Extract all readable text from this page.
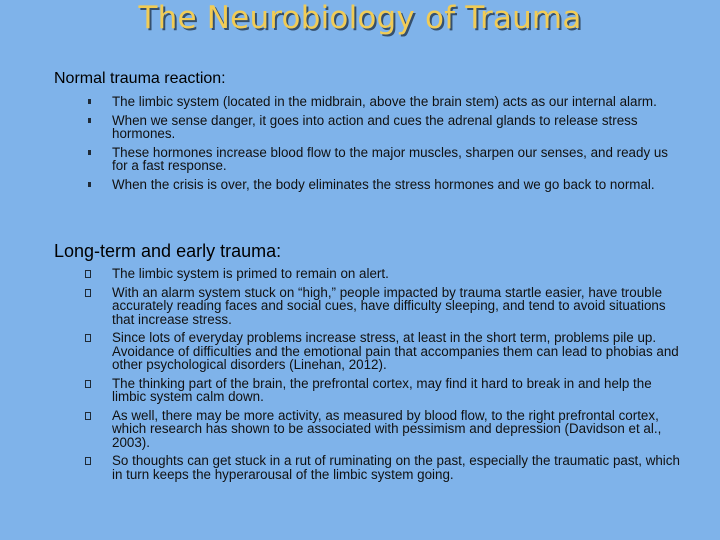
The Neurobiology of Trauma
Normal trauma reaction:
The limbic system (located in the midbrain, above the brain stem) acts as our internal alarm.
When we sense danger, it goes into action and cues the adrenal glands to release stress hormones.
These hormones increase blood flow to the major muscles, sharpen our senses, and ready us for a fast response.
When the crisis is over, the body eliminates the stress hormones and we go back to normal.
Long-term and early trauma:
The limbic system is primed to remain on alert.
With an alarm system stuck on “high,” people impacted by trauma startle easier, have trouble accurately reading faces and social cues, have difficulty sleeping, and tend to avoid situations that increase stress.
Since lots of everyday problems increase stress, at least in the short term, problems pile up. Avoidance of difficulties and the emotional pain that accompanies them can lead to phobias and other psychological disorders (Linehan, 2012).
The thinking part of the brain, the prefrontal cortex, may find it hard to break in and help the limbic system calm down.
As well, there may be more activity, as measured by blood flow, to the right prefrontal cortex, which research has shown to be associated with pessimism and depression (Davidson et al., 2003).
So thoughts can get stuck in a rut of ruminating on the past, especially the traumatic past, which in turn keeps the hyperarousal of the limbic system going.
